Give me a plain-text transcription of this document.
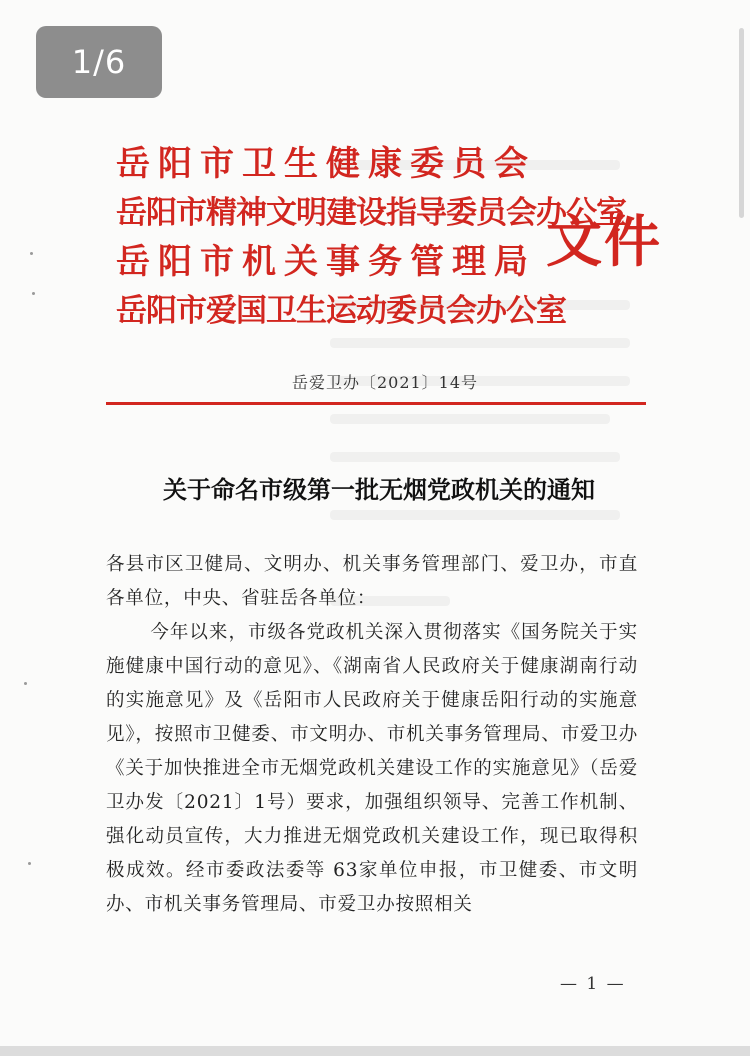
1/6
岳 阳 市 卫 生 健 康 委 员 会
岳阳市精神文明建设指导委员会办公室
岳 阳 市 机 关 事 务 管 理 局
岳阳市爱国卫生运动委员会办公室
文件
岳爱卫办〔2021〕14号
关于命名市级第一批无烟党政机关的通知

各县市区卫健局、文明办、机关事务管理部门、爱卫办，市直各单位，中央、省驻岳各单位：

今年以来，市级各党政机关深入贯彻落实《国务院关于实施健康中国行动的意见》、《湖南省人民政府关于健康湖南行动的实施意见》及《岳阳市人民政府关于健康岳阳行动的实施意见》，按照市卫健委、市文明办、市机关事务管理局、市爱卫办《关于加快推进全市无烟党政机关建设工作的实施意见》（岳爱卫办发〔2021〕1号）要求，加强组织领导、完善工作机制、强化动员宣传，大力推进无烟党政机关建设工作，现已取得积极成效。经市委政法委等 63家单位申报，市卫健委、市文明办、市机关事务管理局、市爱卫办按照相关

— 1 —
